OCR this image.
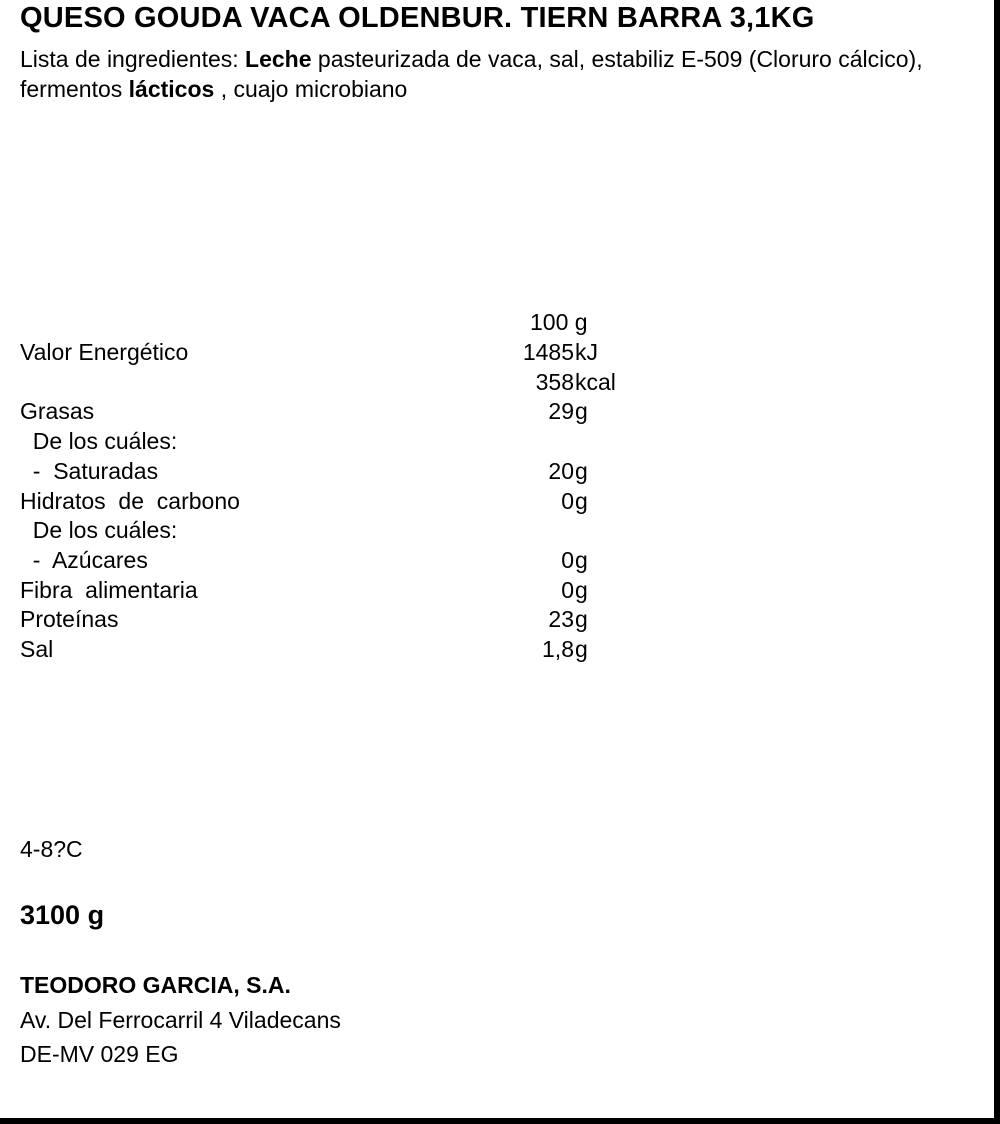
QUESO GOUDA VACA OLDENBUR. TIERN BARRA 3,1KG
Lista de ingredientes: Leche pasteurizada de vaca, sal, estabiliz E-509 (Cloruro cálcico), fermentos lácticos , cuajo microbiano
100 g
Valor Energético	1485 kJ
358 kcal
Grasas	29 g
De los cuáles:
-  Saturadas	20 g
Hidratos  de  carbono	0 g
De los cuáles:
-  Azúcares	0 g
Fibra  alimentaria	0 g
Proteínas	23 g
Sal	1,8 g
4-8?C
3100 g
TEODORO GARCIA, S.A.
Av. Del Ferrocarril 4 Viladecans
DE-MV 029 EG
